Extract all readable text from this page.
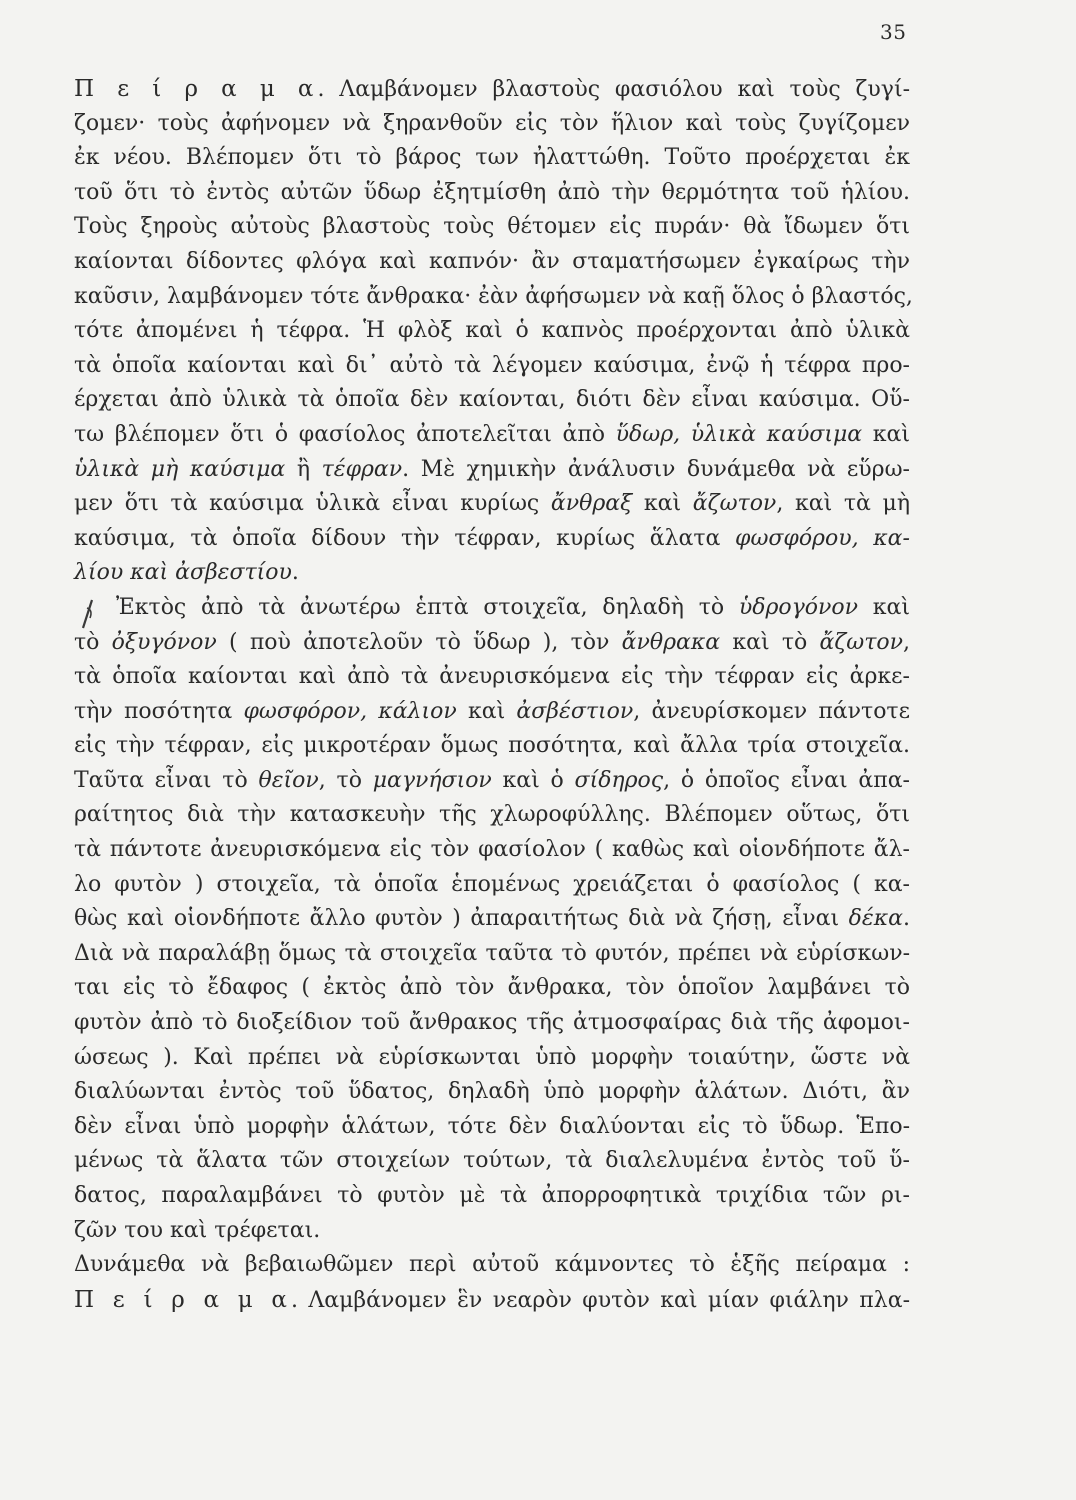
35
Π ε ί ρ α μ α. Λαμβάνομεν βλαστοὺς φασιόλου καὶ τοὺς ζυγί-
ζομεν· τοὺς ἀφήνομεν νὰ ξηρανθοῦν εἰς τὸν ἥλιον καὶ τοὺς ζυγίζομεν
ἐκ νέου. Βλέπομεν ὅτι τὸ βάρος των ἠλαττώθη. Τοῦτο προέρχεται ἐκ
τοῦ ὅτι τὸ ἐντὸς αὐτῶν ὕδωρ ἐξητμίσθη ἀπὸ τὴν θερμότητα τοῦ ἡλίου.
Τοὺς ξηροὺς αὐτοὺς βλαστοὺς τοὺς θέτομεν εἰς πυράν· θὰ ἴδωμεν ὅτι
καίονται δίδοντες φλόγα καὶ καπνόν· ἂν σταματήσωμεν ἐγκαίρως τὴν
καῦσιν, λαμβάνομεν τότε ἄνθρακα· ἐὰν ἀφήσωμεν νὰ καῇ ὅλος ὁ βλαστός,
τότε ἀπομένει ἡ τέφρα. Ἡ φλὸξ καὶ ὁ καπνὸς προέρχονται ἀπὸ ὑλικὰ
τὰ ὁποῖα καίονται καὶ δι᾽ αὐτὸ τὰ λέγομεν καύσιμα, ἐνῷ ἡ τέφρα προ-
έρχεται ἀπὸ ὑλικὰ τὰ ὁποῖα δὲν καίονται, διότι δὲν εἶναι καύσιμα. Οὕ-
τω βλέπομεν ὅτι ὁ φασίολος ἀποτελεῖται ἀπὸ ὕδωρ, ὑλικὰ καύσιμα καὶ
ὑλικὰ μὴ καύσιμα ἢ τέφραν. Μὲ χημικὴν ἀνάλυσιν δυνάμεθα νὰ εὕρω-
μεν ὅτι τὰ καύσιμα ὑλικὰ εἶναι κυρίως ἄνθραξ καὶ ἄζωτον, καὶ τὰ μὴ
καύσιμα, τὰ ὁποῖα δίδουν τὴν τέφραν, κυρίως ἅλατα φωσφόρου, κα-
λίου καὶ ἀσβεστίου.
Ἐκτὸς ἀπὸ τὰ ἀνωτέρω ἑπτὰ στοιχεῖα, δηλαδὴ τὸ ὑδρογόνον καὶ
τὸ ὀξυγόνον ( ποὺ ἀποτελοῦν τὸ ὕδωρ ), τὸν ἄνθρακα καὶ τὸ ἄζωτον,
τὰ ὁποῖα καίονται καὶ ἀπὸ τὰ ἀνευρισκόμενα εἰς τὴν τέφραν εἰς ἀρκε-
τὴν ποσότητα φωσφόρον, κάλιον καὶ ἀσβέστιον, ἀνευρίσκομεν πάντοτε
εἰς τὴν τέφραν, εἰς μικροτέραν ὅμως ποσότητα, καὶ ἄλλα τρία στοιχεῖα.
Ταῦτα εἶναι τὸ θεῖον, τὸ μαγνήσιον καὶ ὁ σίδηρος, ὁ ὁποῖος εἶναι ἀπα-
ραίτητος διὰ τὴν κατασκευὴν τῆς χλωροφύλλης. Βλέπομεν οὕτως, ὅτι
τὰ πάντοτε ἀνευρισκόμενα εἰς τὸν φασίολον ( καθὼς καὶ οἱονδήποτε ἄλ-
λο φυτὸν ) στοιχεῖα, τὰ ὁποῖα ἑπομένως χρειάζεται ὁ φασίολος ( κα-
θὼς καὶ οἱονδήποτε ἄλλο φυτὸν ) ἀπαραιτήτως διὰ νὰ ζήσῃ, εἶναι δέκα.
Διὰ νὰ παραλάβῃ ὅμως τὰ στοιχεῖα ταῦτα τὸ φυτόν, πρέπει νὰ εὑρίσκων-
ται εἰς τὸ ἔδαφος ( ἐκτὸς ἀπὸ τὸν ἄνθρακα, τὸν ὁποῖον λαμβάνει τὸ
φυτὸν ἀπὸ τὸ διοξείδιον τοῦ ἄνθρακος τῆς ἀτμοσφαίρας διὰ τῆς ἀφομοι-
ώσεως ). Καὶ πρέπει νὰ εὑρίσκωνται ὑπὸ μορφὴν τοιαύτην, ὥστε νὰ
διαλύωνται ἐντὸς τοῦ ὕδατος, δηλαδὴ ὑπὸ μορφὴν ἁλάτων. Διότι, ἂν
δὲν εἶναι ὑπὸ μορφὴν ἁλάτων, τότε δὲν διαλύονται εἰς τὸ ὕδωρ. Ἑπο-
μένως τὰ ἅλατα τῶν στοιχείων τούτων, τὰ διαλελυμένα ἐντὸς τοῦ ὕ-
δατος, παραλαμβάνει τὸ φυτὸν μὲ τὰ ἀπορροφητικὰ τριχίδια τῶν ρι-
ζῶν του καὶ τρέφεται.
Δυνάμεθα νὰ βεβαιωθῶμεν περὶ αὐτοῦ κάμνοντες τὸ ἑξῆς πείραμα :
Π ε ί ρ α μ α. Λαμβάνομεν ἓν νεαρὸν φυτὸν καὶ μίαν φιάλην πλα-
